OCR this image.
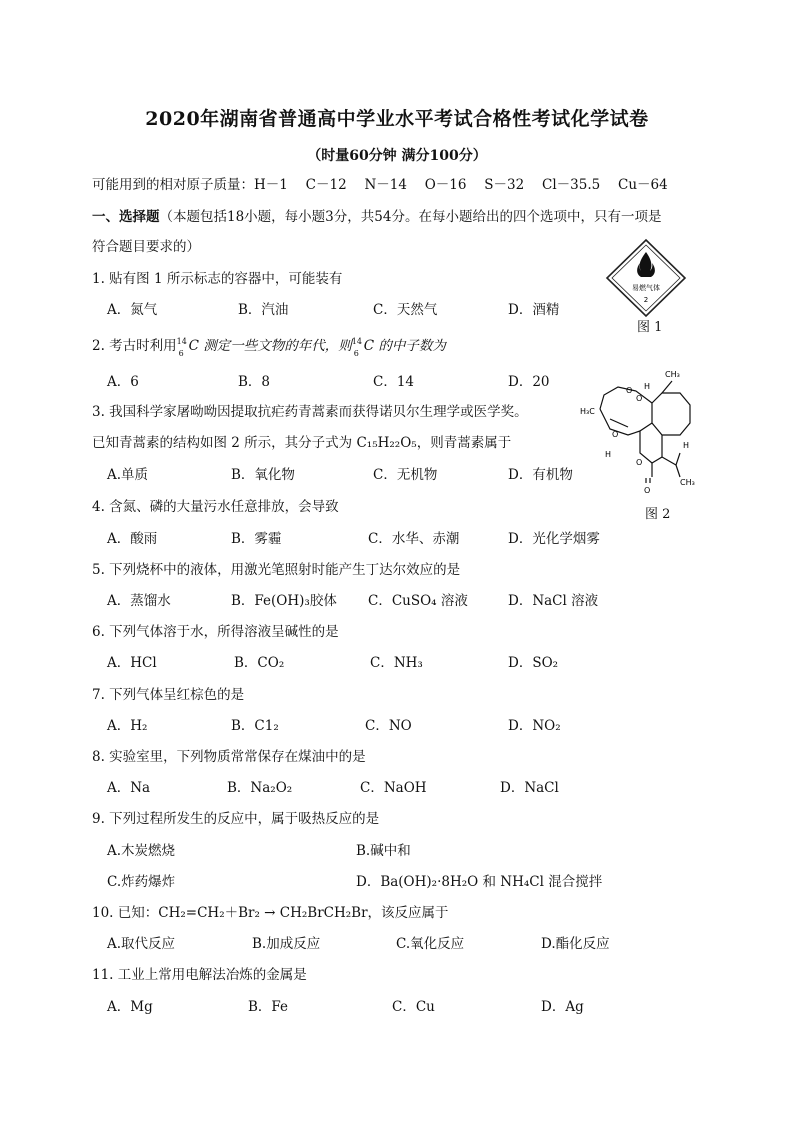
2020年湖南省普通高中学业水平考试合格性考试化学试卷
（时量60分钟 满分100分）
可能用到的相对原子质量：H－1　 C－12　 N－14　 O－16　 S－32　 Cl－35.5　 Cu－64
一、选择题（本题包括18小题，每小题3分，共54分。在每小题给出的四个选项中，只有一项是
符合题目要求的）
易燃气体
2
图 1
1. 贴有图 1 所示标志的容器中，可能装有
A．氮气	B．汽油	C．天然气	D．酒精
2. 考古时利用 14
6 C 测定一些文物的年代，则 14
6 C 的中子数为
A．6	B．8	C．14	D．20	CH₃
H₃C
H
H
H
CH₃
O
O
O
O
O
图 2
3. 我国科学家屠呦呦因提取抗疟药青蒿素而获得诺贝尔生理学或医学奖。
已知青蒿素的结构如图 2 所示，其分子式为 C₁₅H₂₂O₅，则青蒿素属于
A.单质	B．氧化物	C．无机物	D．有机物
4. 含氮、磷的大量污水任意排放，会导致
A．酸雨	B．雾霾	C．水华、赤潮	D．光化学烟雾
5. 下列烧杯中的液体，用激光笔照射时能产生丁达尔效应的是
A．蒸馏水	B．Fe(OH)₃胶体 C．CuSO₄ 溶液	D．NaCl 溶液
6. 下列气体溶于水，所得溶液呈碱性的是
A．HCl	B．CO₂	C．NH₃	D．SO₂
7. 下列气体呈红棕色的是
A．H₂	B．C1₂	C．NO	D．NO₂
8. 实验室里，下列物质常常保存在煤油中的是
A．Na	B．Na₂O₂	C．NaOH	D．NaCl
9. 下列过程所发生的反应中，属于吸热反应的是
A.木炭燃烧	B.碱中和
C.炸药爆炸	D．Ba(OH)₂·8H₂O 和 NH₄Cl 混合搅拌
10. 已知：CH₂=CH₂＋Br₂ → CH₂BrCH₂Br，该反应属于
A.取代反应	B.加成反应	C.氧化反应	D.酯化反应
11. 工业上常用电解法冶炼的金属是
A．Mg	B．Fe	C．Cu	D．Ag
